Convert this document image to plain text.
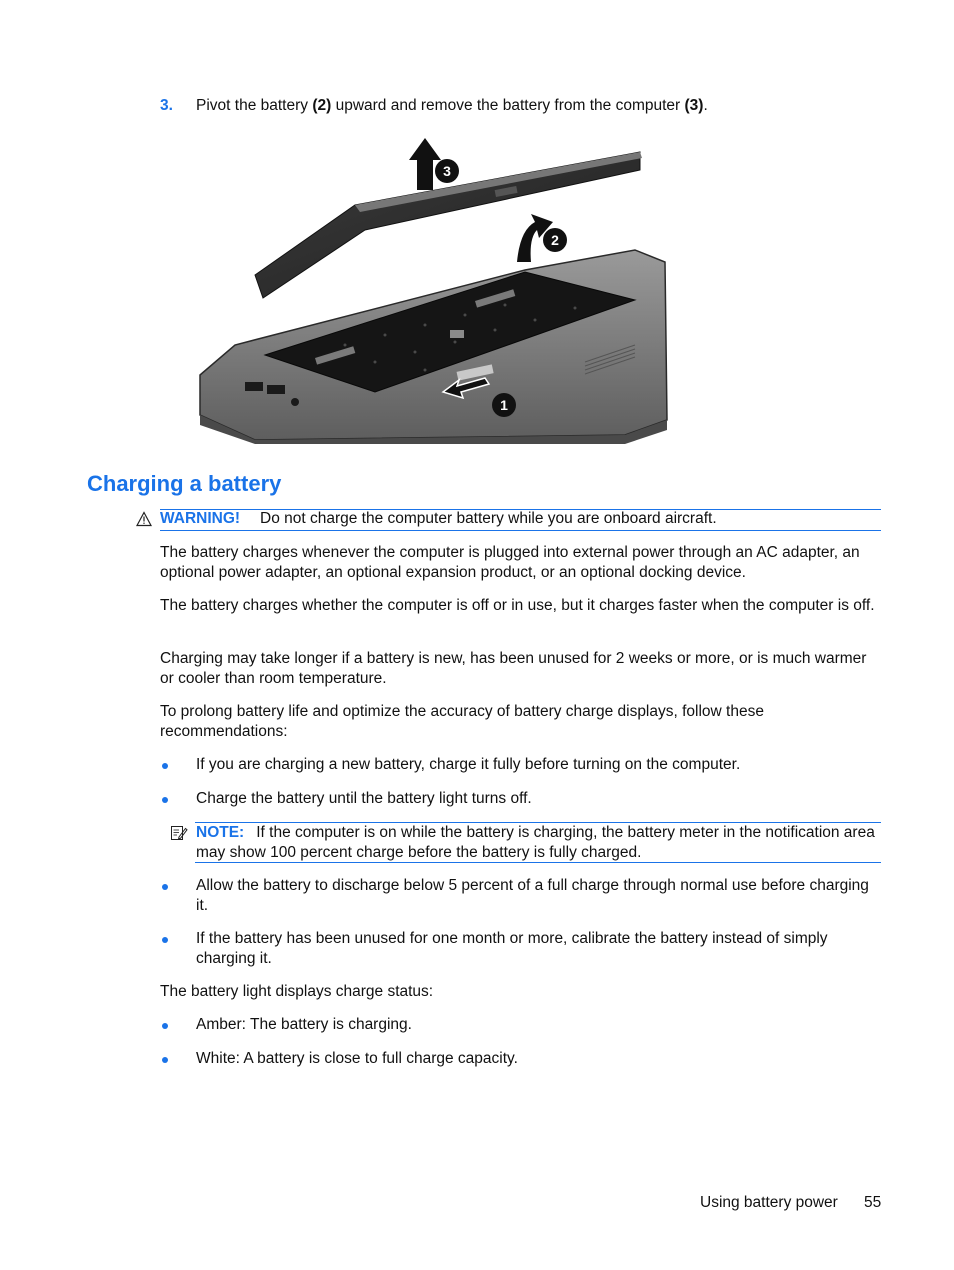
3. Pivot the battery (2) upward and remove the battery from the computer (3).
3
2
1
Charging a battery
WARNING! Do not charge the computer battery while you are onboard aircraft.
The battery charges whenever the computer is plugged into external power through an AC adapter, an optional power adapter, an optional expansion product, or an optional docking device.
The battery charges whether the computer is off or in use, but it charges faster when the computer is off.
Charging may take longer if a battery is new, has been unused for 2 weeks or more, or is much warmer or cooler than room temperature.
To prolong battery life and optimize the accuracy of battery charge displays, follow these recommendations:
If you are charging a new battery, charge it fully before turning on the computer.
Charge the battery until the battery light turns off.
NOTE: If the computer is on while the battery is charging, the battery meter in the notification area may show 100 percent charge before the battery is fully charged.
Allow the battery to discharge below 5 percent of a full charge through normal use before charging it.
If the battery has been unused for one month or more, calibrate the battery instead of simply charging it.
The battery light displays charge status:
Amber: The battery is charging.
White: A battery is close to full charge capacity.
Using battery power 55
